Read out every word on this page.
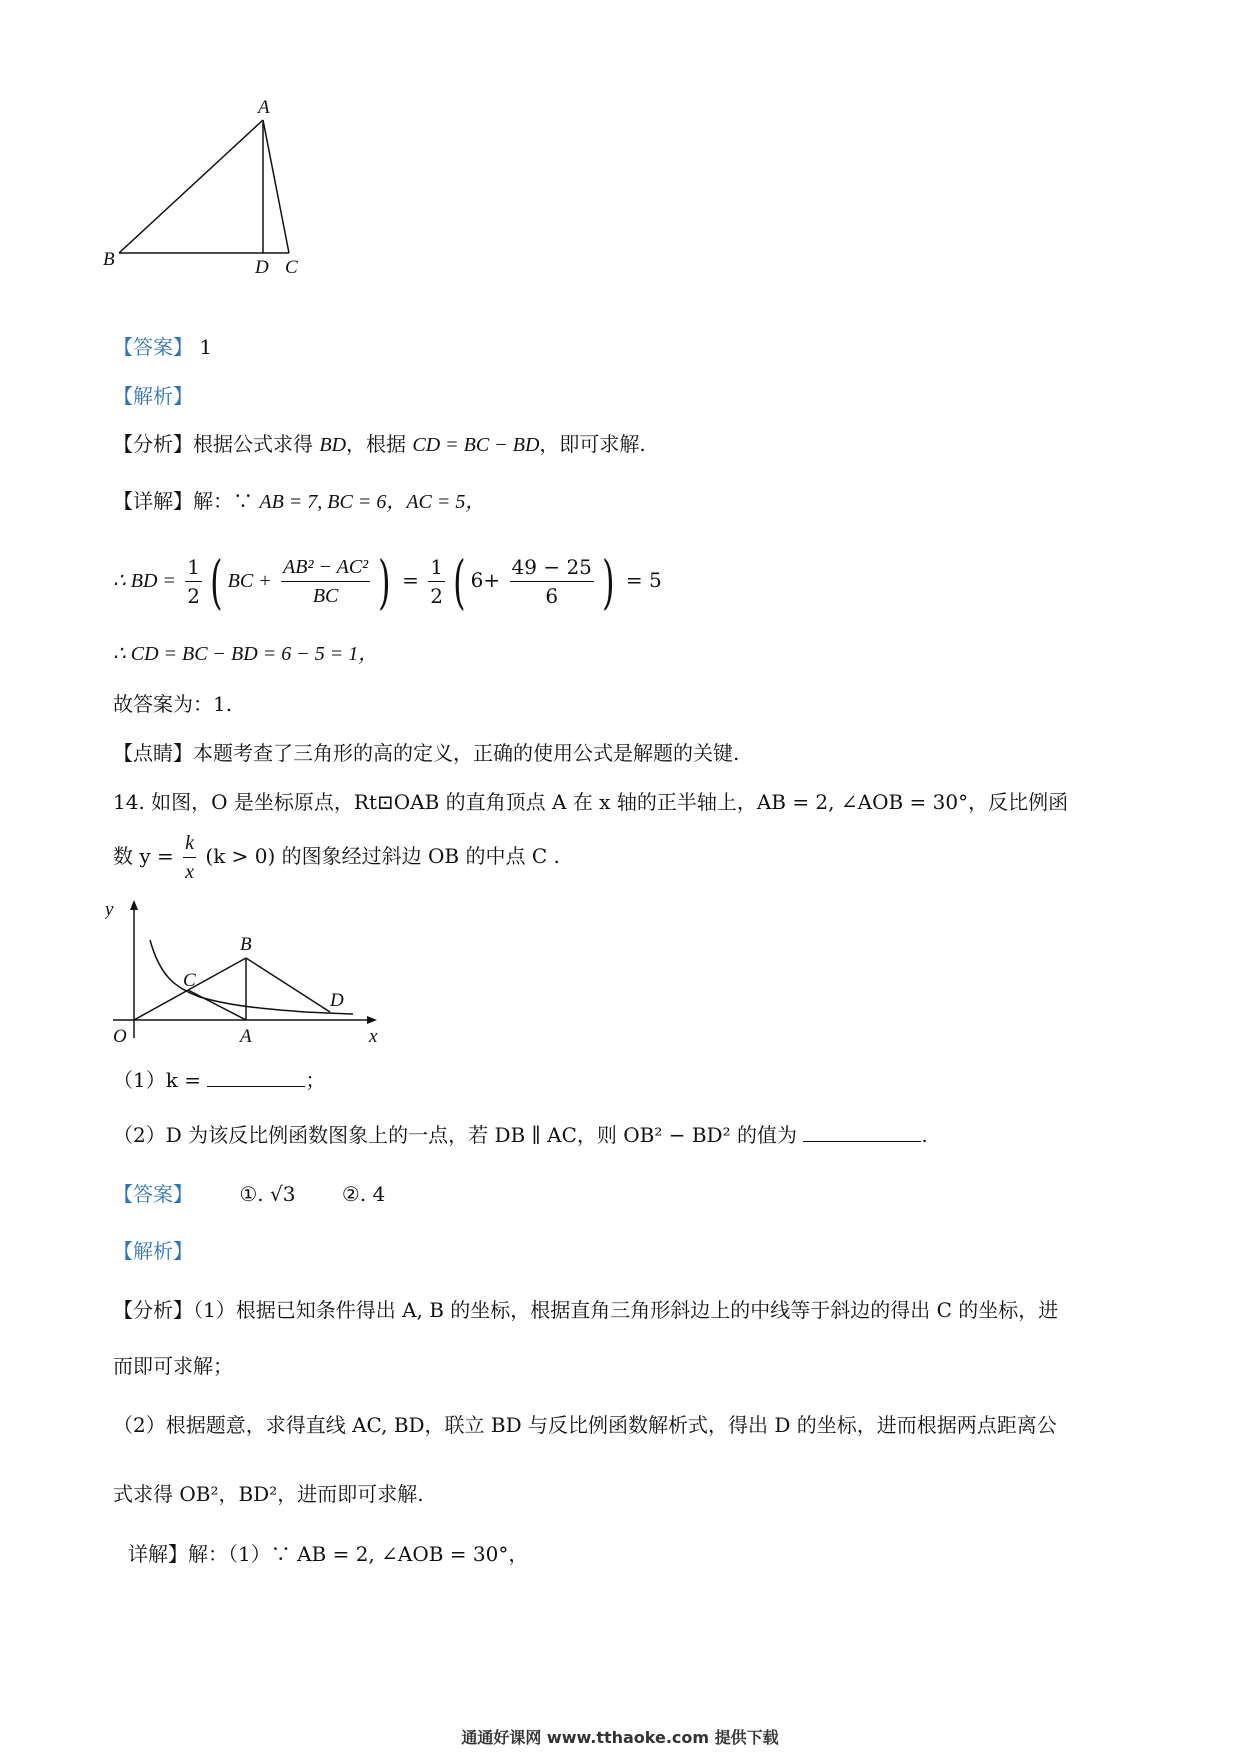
A
B	D C
【答案】 1
【解析】
【分析】根据公式求得 BD，根据 CD = BC − BD，即可求解.
【详解】解：∵ AB = 7, BC = 6，AC = 5，
∴ BD = $\frac{1}{2}$ ( BC + $\frac{\text{AB² − AC²}}{BC}$ ) = $\frac{1}{2}$ ( $6+ \frac{49 - 25}{6}$ ) = 5
∴ CD = BC − BD = 6 − 5 = 1，
故答案为：1.
【点睛】本题考查了三角形的高的定义，正确的使用公式是解题的关键.
14. 如图，O 是坐标原点，Rt⊡OAB 的直角顶点 A 在 x 轴的正半轴上，AB = 2, ∠AOB = 30°，反比例函
数 $y = \frac{k}{x} (k > 0)$ 的图象经过斜边 OB 的中点 C .
y
x
O	A
B
C
D
（1）k =	；
（2）D 为该反比例函数图象上的一点，若 DB ∥ AC，则 OB² − BD² 的值为	.
【答案】 ①. √3 ②. 4
【解析】
【分析】（1）根据已知条件得出 A, B 的坐标，根据直角三角形斜边上的中线等于斜边的得出 C 的坐标，进
而即可求解；
（2）根据题意，求得直线 AC, BD，联立 BD 与反比例函数解析式，得出 D 的坐标，进而根据两点距离公
式求得 OB²，BD²，进而即可求解.
详解】解：（1）∵ AB = 2, ∠AOB = 30°，
通通好课网 www.tthaoke.com 提供下载
